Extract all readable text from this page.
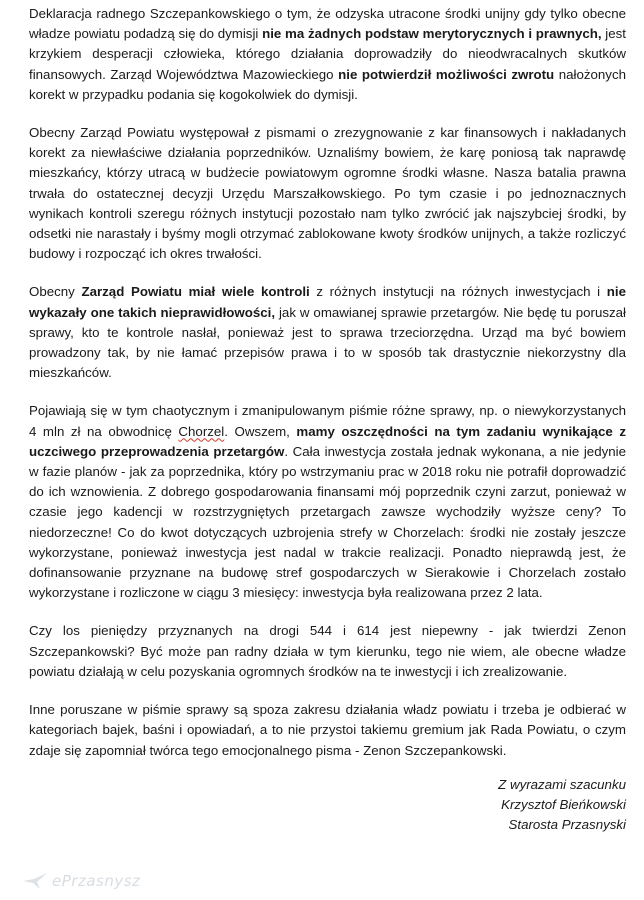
Deklaracja radnego Szczepankowskiego o tym, że odzyska utracone środki unijny gdy tylko obecne władze powiatu podadzą się do dymisji nie ma żadnych podstaw merytorycznych i prawnych, jest krzykiem desperacji człowieka, którego działania doprowadziły do nieodwracalnych skutków finansowych. Zarząd Województwa Mazowieckiego nie potwierdził możliwości zwrotu nałożonych korekt w przypadku podania się kogokolwiek do dymisji.

Obecny Zarząd Powiatu występował z pismami o zrezygnowanie z kar finansowych i nakładanych korekt za niewłaściwe działania poprzedników. Uznaliśmy bowiem, że karę poniosą tak naprawdę mieszkańcy, którzy utracą w budżecie powiatowym ogromne środki własne. Nasza batalia prawna trwała do ostatecznej decyzji Urzędu Marszałkowskiego. Po tym czasie i po jednoznacznych wynikach kontroli szeregu różnych instytucji pozostało nam tylko zwrócić jak najszybciej środki, by odsetki nie narastały i byśmy mogli otrzymać zablokowane kwoty środków unijnych, a także rozliczyć budowy i rozpocząć ich okres trwałości.

Obecny Zarząd Powiatu miał wiele kontroli z różnych instytucji na różnych inwestycjach i nie wykazały one takich nieprawidłowości, jak w omawianej sprawie przetargów. Nie będę tu poruszał sprawy, kto te kontrole nasłał, ponieważ jest to sprawa trzeciorzędna. Urząd ma być bowiem prowadzony tak, by nie łamać przepisów prawa i to w sposób tak drastycznie niekorzystny dla mieszkańców.

Pojawiają się w tym chaotycznym i zmanipulowanym piśmie różne sprawy, np. o niewykorzystanych 4 mln zł na obwodnicę Chorzel. Owszem, mamy oszczędności na tym zadaniu wynikające z uczciwego przeprowadzenia przetargów. Cała inwestycja została jednak wykonana, a nie jedynie w fazie planów - jak za poprzednika, który po wstrzymaniu prac w 2018 roku nie potrafił doprowadzić do ich wznowienia. Z dobrego gospodarowania finansami mój poprzednik czyni zarzut, ponieważ w czasie jego kadencji w rozstrzygniętych przetargach zawsze wychodziły wyższe ceny? To niedorzeczne! Co do kwot dotyczących uzbrojenia strefy w Chorzelach: środki nie zostały jeszcze wykorzystane, ponieważ inwestycja jest nadal w trakcie realizacji. Ponadto nieprawdą jest, że dofinansowanie przyznane na budowę stref gospodarczych w Sierakowie i Chorzelach zostało wykorzystane i rozliczone w ciągu 3 miesięcy: inwestycja była realizowana przez 2 lata.

Czy los pieniędzy przyznanych na drogi 544 i 614 jest niepewny - jak twierdzi Zenon Szczepankowski? Być może pan radny działa w tym kierunku, tego nie wiem, ale obecne władze powiatu działają w celu pozyskania ogromnych środków na te inwestycji i ich zrealizowanie.

Inne poruszane w piśmie sprawy są spoza zakresu działania władz powiatu i trzeba je odbierać w kategoriach bajek, baśni i opowiadań, a to nie przystoi takiemu gremium jak Rada Powiatu, o czym zdaje się zapomniał twórca tego emocjonalnego pisma - Zenon Szczepankowski.

Z wyrazami szacunku
Krzysztof Bieńkowski
Starosta Przasnyski
ePrzasnysz
